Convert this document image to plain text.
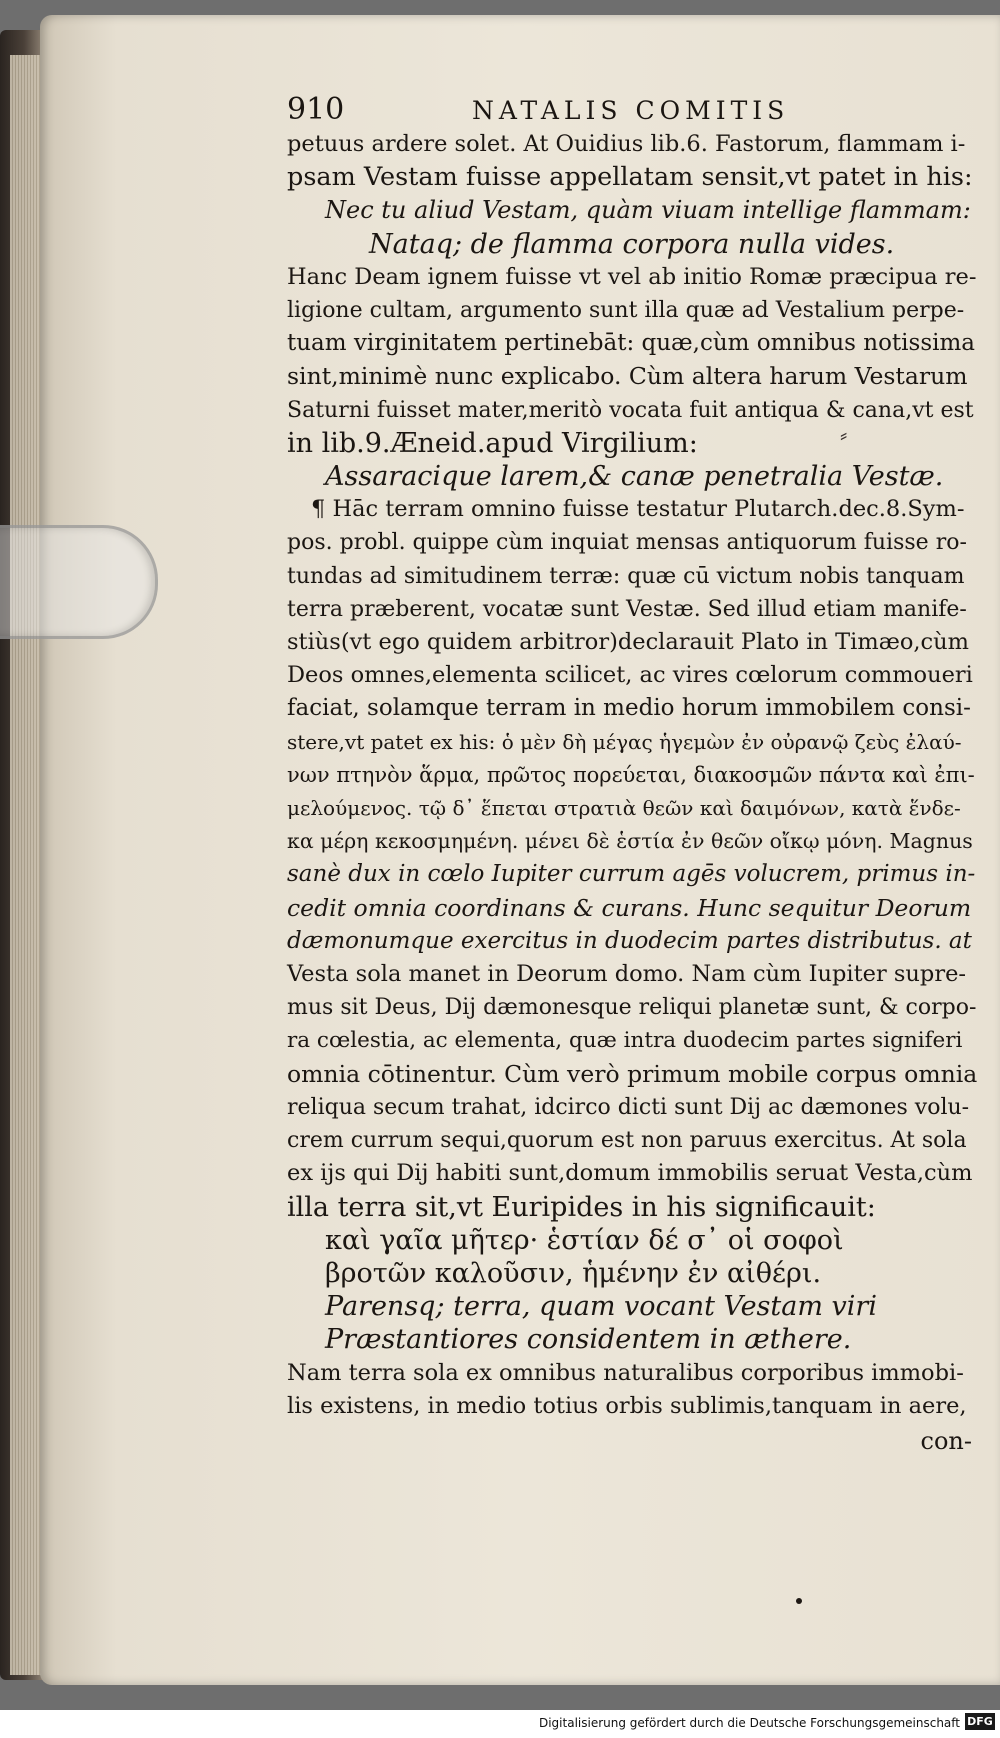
910	NATALIS COMITIS
petuus ardere solet. At Ouidius lib.6. Fastorum, flammam i-
psam Vestam fuisse appellatam sensit,vt patet in his:
Nec tu aliud Vestam, quàm viuam intellige flammam:
Nataq; de flamma corpora nulla vides.
Hanc Deam ignem fuisse vt vel ab initio Romæ præcipua re-
ligione cultam, argumento sunt illa quæ ad Vestalium perpe-
tuam virginitatem pertinebāt: quæ,cùm omnibus notissima
sint,minimè nunc explicabo. Cùm altera harum Vestarum
Saturni fuisset mater,meritò vocata fuit antiqua & cana,vt est
in lib.9.Æneid.apud Virgilium:
Assaracique larem,& canæ penetralia Vestæ.
¶ Hāc terram omnino fuisse testatur Plutarch.dec.8.Sym-
pos. probl. quippe cùm inquiat mensas antiquorum fuisse ro-
tundas ad simitudinem terræ: quæ cū victum nobis tanquam
terra præberent, vocatæ sunt Vestæ. Sed illud etiam manife-
stiùs(vt ego quidem arbitror)declarauit Plato in Timæo,cùm
Deos omnes,elementa scilicet, ac vires cœlorum commoueri
faciat, solamque terram in medio horum immobilem consi-
stere,vt patet ex his: ὁ μὲν δὴ μέγας ἡγεμὼν ἐν οὐρανῷ ζεὺς ἐλαύ-
νων πτηνὸν ἅρμα, πρῶτος πορεύεται, διακοσμῶν πάντα καὶ ἐπι-
μελούμενος. τῷ δ᾽ ἕπεται στρατιὰ θεῶν καὶ δαιμόνων, κατὰ ἕνδε-
κα μέρη κεκοσμημένη. μένει δὲ ἑστία ἐν θεῶν οἴκῳ μόνη. Magnus
sanè dux in cœlo Iupiter currum agēs volucrem, primus in-
cedit omnia coordinans & curans. Hunc sequitur Deorum
dæmonumque exercitus in duodecim partes distributus. at
Vesta sola manet in Deorum domo. Nam cùm Iupiter supre-
mus sit Deus, Dij dæmonesque reliqui planetæ sunt, & corpo-
ra cœlestia, ac elementa, quæ intra duodecim partes signiferi
omnia cōtinentur. Cùm verò primum mobile corpus omnia
reliqua secum trahat, idcirco dicti sunt Dij ac dæmones volu-
crem currum sequi,quorum est non paruus exercitus. At sola
ex ijs qui Dij habiti sunt,domum immobilis seruat Vesta,cùm
illa terra sit,vt Euripides in his significauit:
καὶ γαῖα μῆτερ· ἑστίαν δέ σ᾽ οἱ σοφοὶ
βροτῶν καλοῦσιν, ἡμένην ἐν αἰθέρι.
Parensq; terra, quam vocant Vestam viri
Præstantiores considentem in æthere.
Nam terra sola ex omnibus naturalibus corporibus immobi-
lis existens, in medio totius orbis sublimis,tanquam in aere,
con-
⸗
Digitalisierung gefördert durch die Deutsche Forschungsgemeinschaft DFG
